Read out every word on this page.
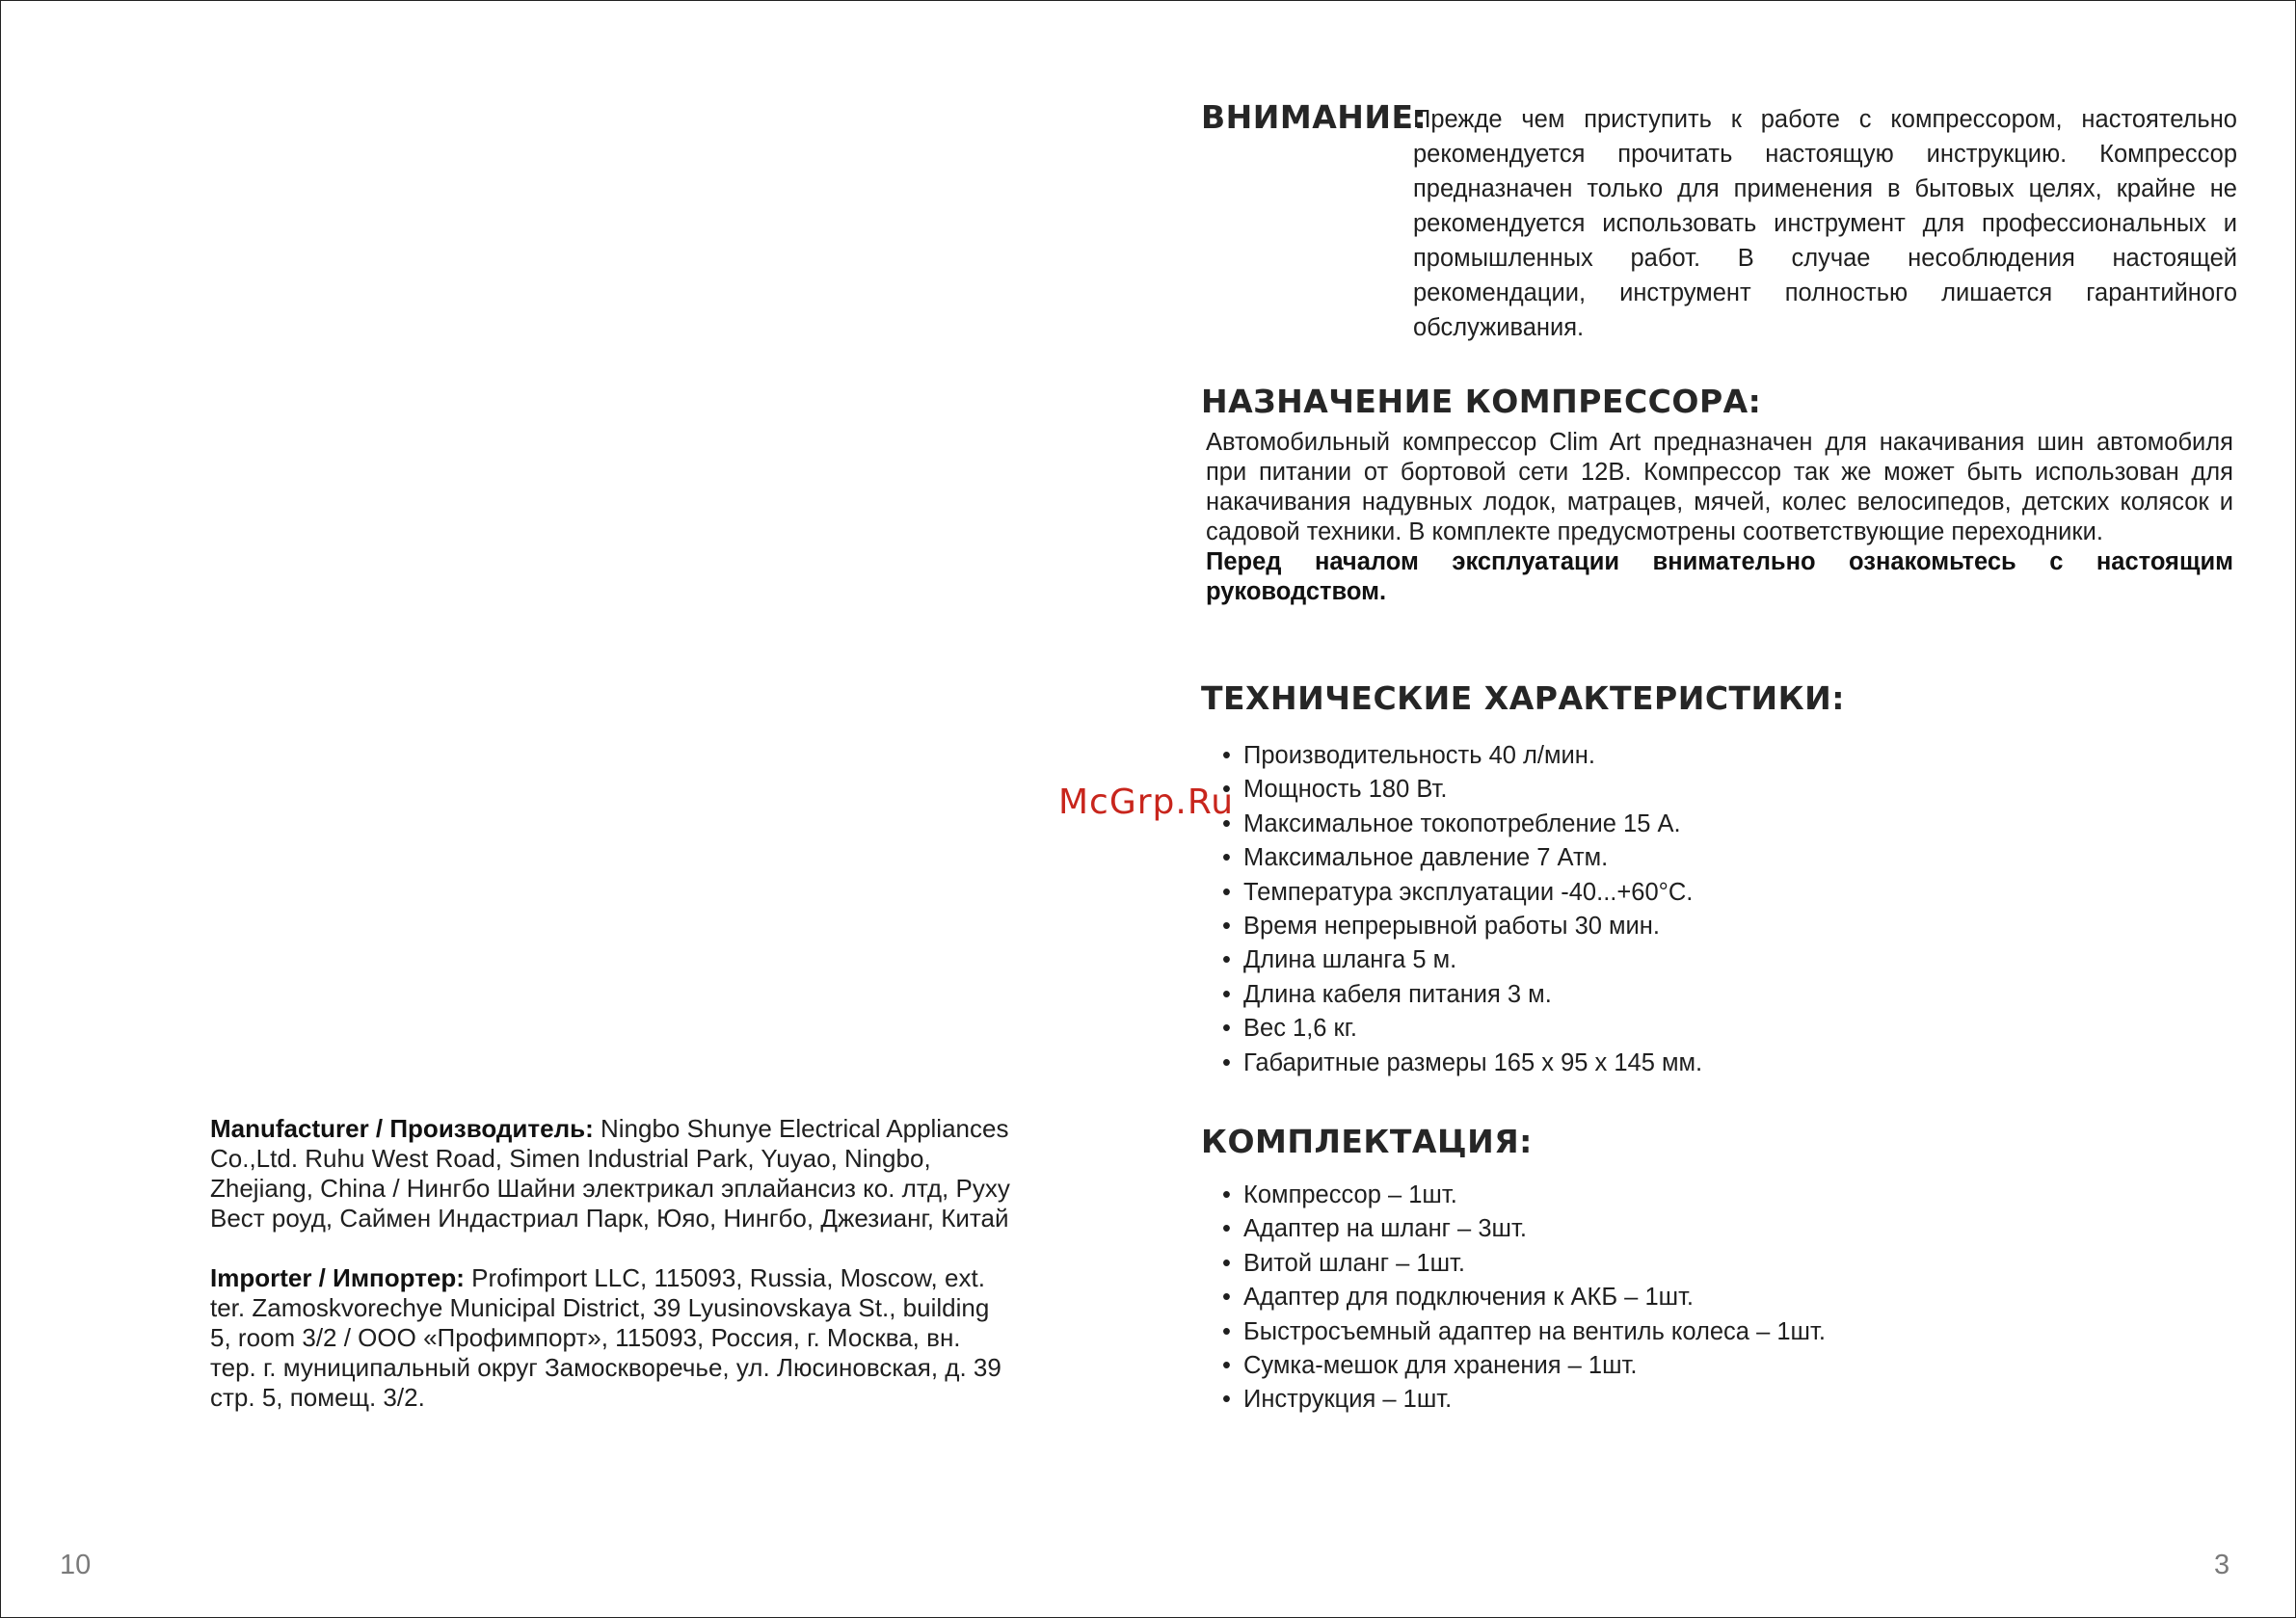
ВНИМАНИЕ:
Прежде чем приступить к работе с компрессором, настоятельно рекомендуется прочитать настоящую инструкцию. Компрессор предназначен только для применения в бытовых целях, крайне не рекомендуется использовать инструмент для профессиональных и промышленных работ. В случае несоблюдения настоящей рекомендации, инструмент полностью лишается гарантийного обслуживания.
НАЗНАЧЕНИЕ КОМПРЕССОРА:
Автомобильный компрессор Clim Art предназначен для накачивания шин автомобиля при питании от бортовой сети 12В. Компрессор так же может быть использован для накачивания надувных лодок, матрацев, мячей, колес велосипедов, детских колясок и садовой техники. В комплекте предусмотрены соответствующие переходники.
Перед началом эксплуатации внимательно ознакомьтесь с настоящим руководством.
ТЕХНИЧЕСКИЕ ХАРАКТЕРИСТИКИ:
• Производительность 40 л/мин.
• Мощность 180 Вт.
• Максимальное токопотребление 15 А.
• Максимальное давление 7 Атм.
• Температура эксплуатации -40...+60°С.
• Время непрерывной работы 30 мин.
• Длина шланга 5 м.
• Длина кабеля питания 3 м.
• Вес 1,6 кг.
• Габаритные размеры 165 х 95 х 145 мм.
КОМПЛЕКТАЦИЯ:
• Компрессор – 1шт.
• Адаптер на шланг – 3шт.
• Витой шланг – 1шт.
• Адаптер для подключения к АКБ – 1шт.
• Быстросъемный адаптер на вентиль колеса – 1шт.
• Сумка-мешок для хранения – 1шт.
• Инструкция – 1шт.
McGrp.Ru

Manufacturer / Производитель: Ningbo Shunye Electrical Appliances Co.,Ltd. Ruhu West Road, Simen Industrial Park, Yuyao, Ningbo, Zhejiang, China / Нингбо Шайни электрикал эплайансиз ко. лтд, Руху Вест роуд, Саймен Индастриал Парк, Юяо, Нингбо, Джезианг, Китай

Importer / Импортер: Profimport LLC, 115093, Russia, Moscow, ext. ter. Zamoskvorechye Municipal District, 39 Lyusinovskaya St., building 5, room 3/2 / ООО «Профимпорт», 115093, Россия, г. Москва, вн. тер. г. муниципальный округ Замоскворечье, ул. Люсиновская, д. 39 стр. 5, помещ. 3/2.

10	3
